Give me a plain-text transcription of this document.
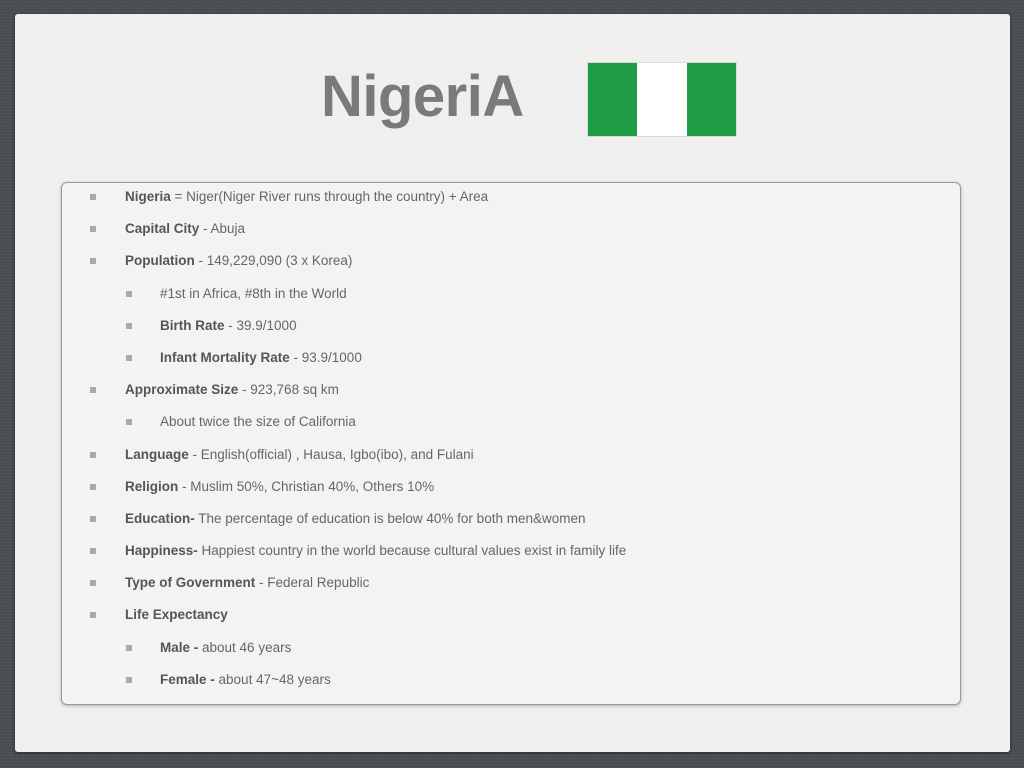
NigeriA
Nigeria = Niger(Niger River runs through the country) + Area
Capital City - Abuja
Population - 149,229,090 (3 x Korea)
#1st in Africa, #8th in the World
Birth Rate - 39.9/1000
Infant Mortality Rate - 93.9/1000
Approximate Size - 923,768 sq km
About twice the size of California
Language - English(official) , Hausa, Igbo(ibo), and Fulani
Religion - Muslim 50%, Christian 40%, Others 10%
Education- The percentage of education is below 40% for both men&women
Happiness- Happiest country in the world because cultural values exist in family life
Type of Government - Federal Republic
Life Expectancy
Male - about 46 years
Female - about 47~48 years
